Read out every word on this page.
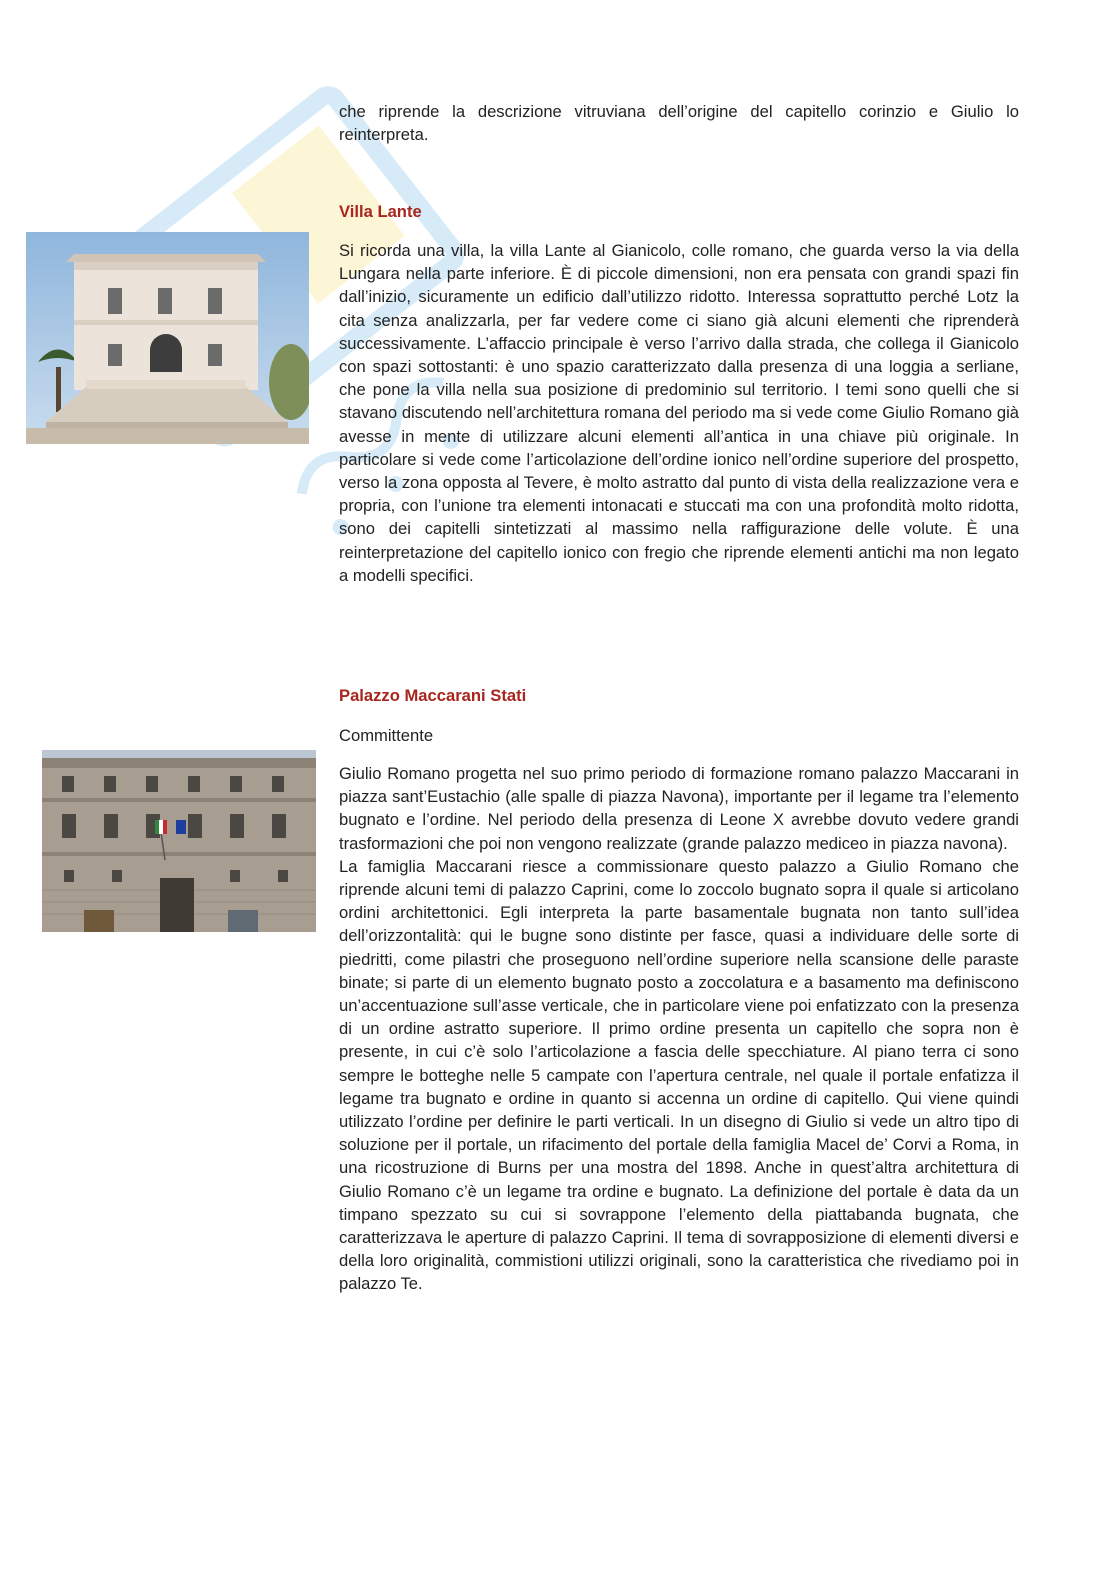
che riprende la descrizione vitruviana dell’origine del capitello corinzio e Giulio lo reinterpreta.

Villa Lante

Si ricorda una villa, la villa Lante al Gianicolo, colle romano, che guarda verso la via della Lungara nella parte inferiore. È di piccole dimensioni, non era pensata con grandi spazi fin dall’inizio, sicuramente un edificio dall’utilizzo ridotto. Interessa soprattutto perché Lotz la cita senza analizzarla, per far vedere come ci siano già alcuni elementi che riprenderà successivamente. L’affaccio principale è verso l’arrivo dalla strada, che collega il Gianicolo con spazi sottostanti: è uno spazio caratterizzato dalla presenza di una loggia a serliane, che pone la villa nella sua posizione di predominio sul territorio. I temi sono quelli che si stavano discutendo nell’architettura romana del periodo ma si vede come Giulio Romano già avesse in mente di utilizzare alcuni elementi all’antica in una chiave più originale. In particolare si vede come l’articolazione dell’ordine ionico nell’ordine superiore del prospetto, verso la zona opposta al Tevere, è molto astratto dal punto di vista della realizzazione vera e propria, con l’unione tra elementi intonacati e stuccati ma con una profondità molto ridotta, sono dei capitelli sintetizzati al massimo nella raffigurazione delle volute. È una reinterpretazione del capitello ionico con fregio che riprende elementi antichi ma non legato a modelli specifici.

Palazzo Maccarani Stati

Committente

Giulio Romano progetta nel suo primo periodo di formazione romano palazzo Maccarani in piazza sant’Eustachio (alle spalle di piazza Navona), importante per il legame tra l’elemento bugnato e l’ordine. Nel periodo della presenza di Leone X avrebbe dovuto vedere grandi trasformazioni che poi non vengono realizzate (grande palazzo mediceo in piazza navona).

La famiglia Maccarani riesce a commissionare questo palazzo a Giulio Romano che riprende alcuni temi di palazzo Caprini, come lo zoccolo bugnato sopra il quale si articolano ordini architettonici. Egli interpreta la parte basamentale bugnata non tanto sull’idea dell’orizzontalità: qui le bugne sono distinte per fasce, quasi a individuare delle sorte di piedritti, come pilastri che proseguono nell’ordine superiore nella scansione delle paraste binate; si parte di un elemento bugnato posto a zoccolatura e a basamento ma definiscono un’accentuazione sull’asse verticale, che in particolare viene poi enfatizzato con la presenza di un ordine astratto superiore. Il primo ordine presenta un capitello che sopra non è presente, in cui c’è solo l’articolazione a fascia delle specchiature. Al piano terra ci sono sempre le botteghe nelle 5 campate con l’apertura centrale, nel quale il portale enfatizza il legame tra bugnato e ordine in quanto si accenna un ordine di capitello. Qui viene quindi utilizzato l’ordine per definire le parti verticali. In un disegno di Giulio si vede un altro tipo di soluzione per il portale, un rifacimento del portale della famiglia Macel de’ Corvi a Roma, in una ricostruzione di Burns per una mostra del 1898. Anche in quest’altra architettura di Giulio Romano c’è un legame tra ordine e bugnato. La definizione del portale è data da un timpano spezzato su cui si sovrappone l’elemento della piattabanda bugnata, che caratterizzava le aperture di palazzo Caprini. Il tema di sovrapposizione di elementi diversi e della loro originalità, commistioni utilizzi originali, sono la caratteristica che rivediamo poi in palazzo Te.
